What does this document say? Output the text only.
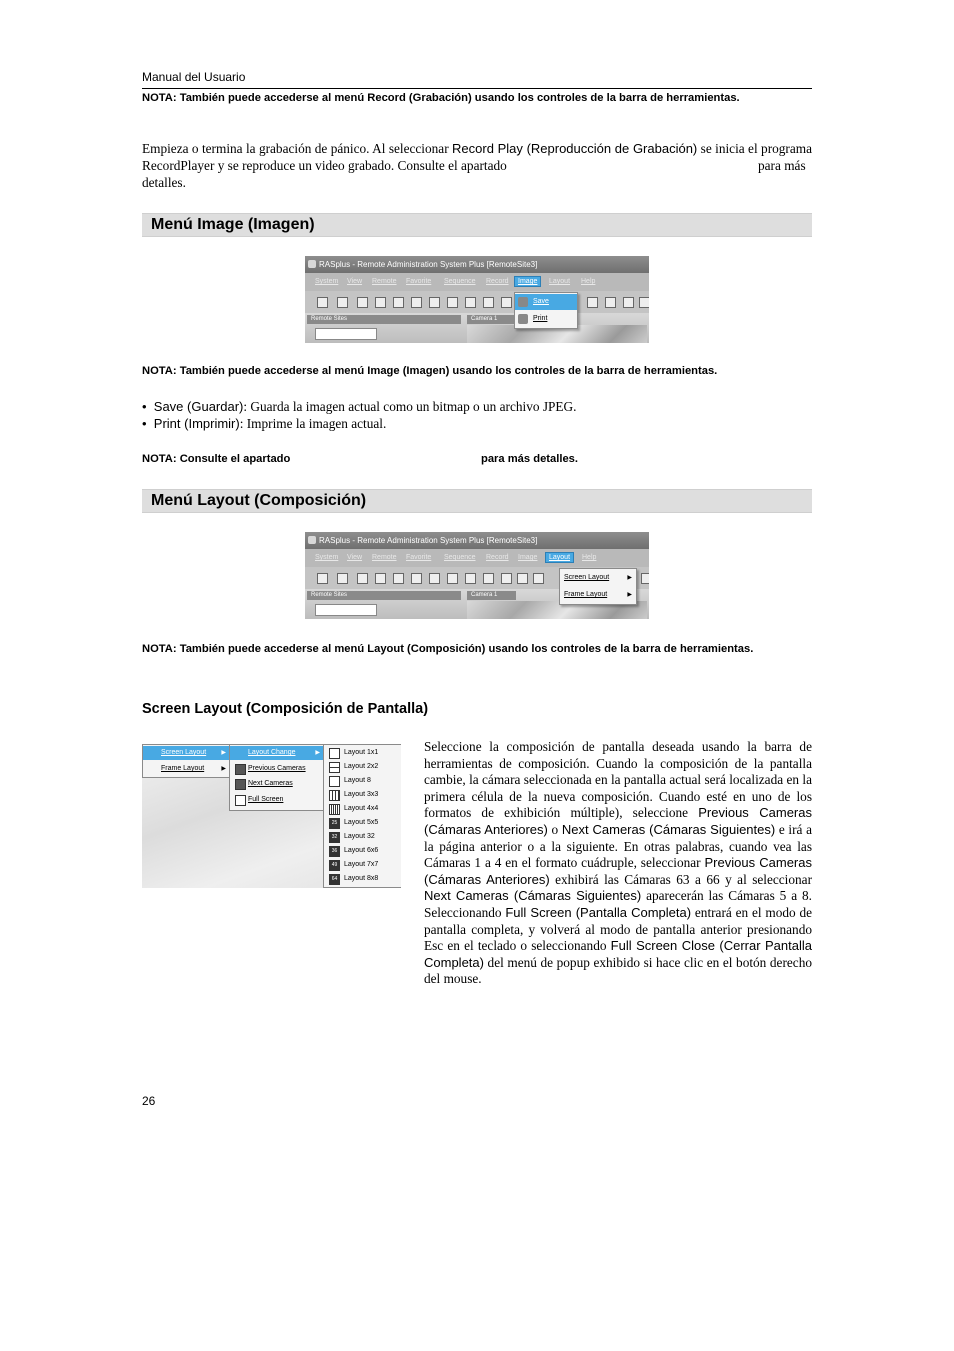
Manual del Usuario
NOTA: También puede accederse al menú Record (Grabación) usando los controles de la barra de herramientas.
Empieza o termina la grabación de pánico. Al seleccionar Record Play (Reproducción de Grabación) se inicia el programa RecordPlayer y se reproduce un video grabado. Consulte el apartado	para más
detalles.
Menú Image (Imagen)
RASplus - Remote Administration System Plus [RemoteSite3]
System View Remote Favorite Sequence Record	Image	Layout Help
Remote Sites	Camera 1
Save
Print
NOTA: También puede accederse al menú Image (Imagen) usando los controles de la barra de herramientas.
•  Save (Guardar): Guarda la imagen actual como un bitmap o un archivo JPEG.
•  Print (Imprimir): Imprime la imagen actual.
NOTA: Consulte el apartado	para más detalles.
Menú Layout (Composición)
RASplus - Remote Administration System Plus [RemoteSite3]
System View Remote Favorite Sequence Record Image	Layout	Help
Remote Sites	Camera 1
Screen Layout	▶
Frame Layout	▶
NOTA: También puede accederse al menú Layout (Composición) usando los controles de la barra de herramientas.
Screen Layout (Composición de Pantalla)
Screen Layout	▶
Frame Layout	▶
Layout Change	▶
Previous Cameras
Next Cameras
Full Screen
Layout 1x1
Layout 2x2
Layout 8
Layout 3x3
Layout 4x4
25 Layout 5x5
32 Layout 32
36 Layout 6x6
49 Layout 7x7
64 Layout 8x8
Seleccione la composición de pantalla deseada usando la barra de herramientas de composición. Cuando la composición de la pantalla cambie, la cámara seleccionada en la pantalla actual será localizada en la primera célula de la nueva composición. Cuando esté en uno de los formatos de exhibición múltiple), seleccione Previous Cameras (Cámaras Anteriores) o Next Cameras (Cámaras Siguientes) e irá a la página anterior o a la siguiente. En otras palabras, cuando vea las Cámaras 1 a 4 en el formato cuádruple, seleccionar Previous Cameras (Cámaras Anteriores) exhibirá las Cámaras 63 a 66 y al seleccionar Next Cameras (Cámaras Siguientes) aparecerán las Cámaras 5 a 8. Seleccionando Full Screen (Pantalla Completa) entrará en el modo de pantalla completa, y volverá al modo de pantalla anterior presionando Esc en el teclado o seleccionando Full Screen Close (Cerrar Pantalla Completa) del menú de popup exhibido si hace clic en el botón derecho del mouse.
26
